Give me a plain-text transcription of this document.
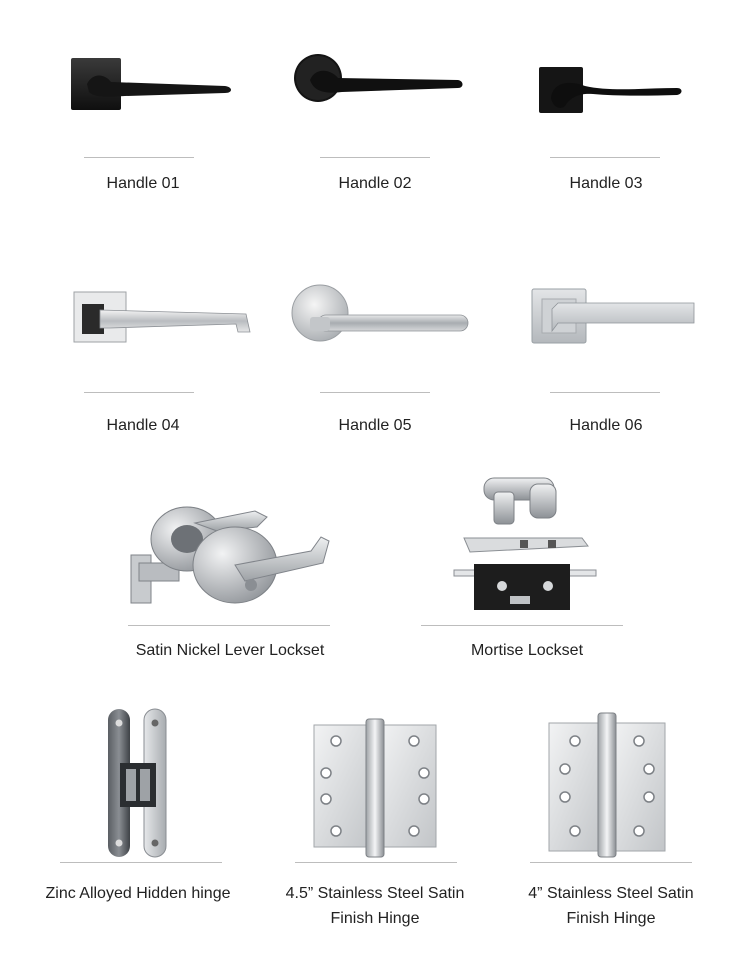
Handle 01	Handle 02	Handle 03
Handle 04	Handle 05	Handle 06
Satin Nickel Lever Lockset	Mortise Lockset
Zinc Alloyed Hidden hinge	4.5” Stainless Steel Satin
Finish Hinge
4” Stainless Steel Satin
Finish Hinge
